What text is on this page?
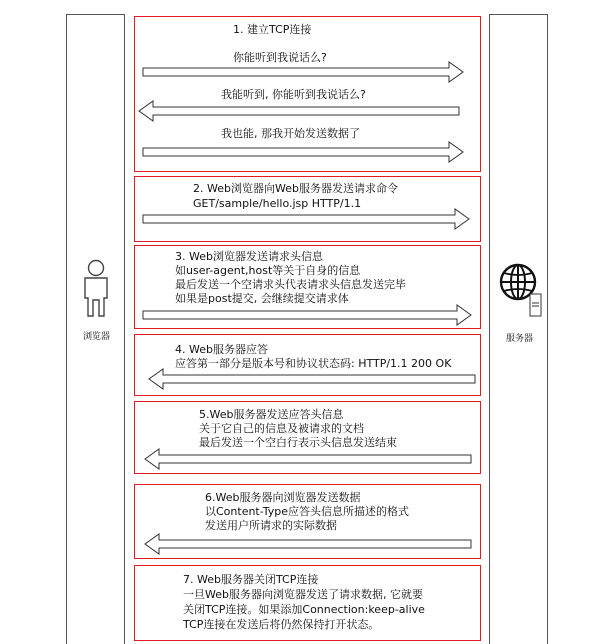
浏览器	服务器
1. 建立TCP连接
你能听到我说话么?
我能听到, 你能听到我说话么?
我也能, 那我开始发送数据了
2. Web浏览器向Web服务器发送请求命令
GET/sample/hello.jsp HTTP/1.1
3. Web浏览器发送请求头信息
如user-agent,host等关于自身的信息
最后发送一个空请求头代表请求头信息发送完毕
如果是post提交, 会继续提交请求体
4. Web服务器应答
应答第一部分是版本号和协议状态码: HTTP/1.1 200 OK
5.Web服务器发送应答头信息
关于它自己的信息及被请求的文档
最后发送一个空白行表示头信息发送结束
6.Web服务器向浏览器发送数据
以Content-Type应答头信息所描述的格式
发送用户所请求的实际数据
7. Web服务器关闭TCP连接
一旦Web服务器向浏览器发送了请求数据, 它就要
关闭TCP连接。如果添加Connection:keep-alive
TCP连接在发送后将仍然保持打开状态。
